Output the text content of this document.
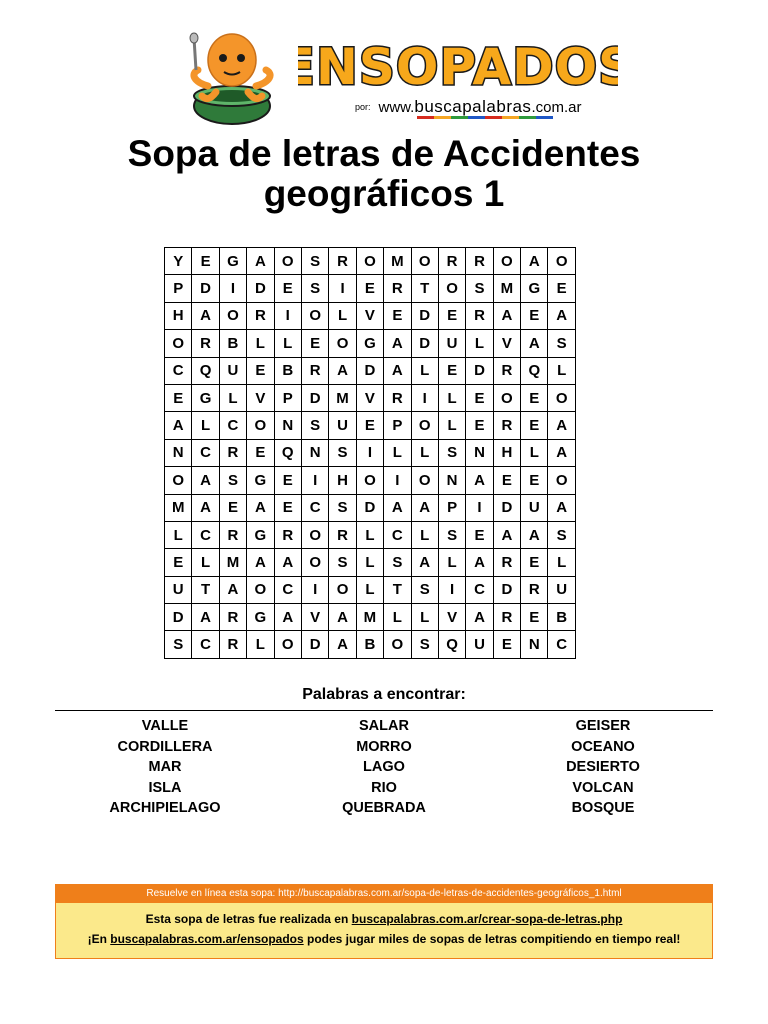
ENSOPADOS
por: www.buscapalabras.com.ar
Sopa de letras de Accidentes
geográficos 1
Y	E	G	A	O	S	R	O	M	O	R	R	O	A	O
P	D	I	D	E	S	I	E	R	T	O	S	M	G	E
H	A	O	R	I	O	L	V	E	D	E	R	A	E	A
O	R	B	L	L	E	O	G	A	D	U	L	V	A	S
C	Q	U	E	B	R	A	D	A	L	E	D	R	Q	L
E	G	L	V	P	D	M	V	R	I	L	E	O	E	O
A	L	C	O	N	S	U	E	P	O	L	E	R	E	A
N	C	R	E	Q	N	S	I	L	L	S	N	H	L	A
O	A	S	G	E	I	H	O	I	O	N	A	E	E	O
M	A	E	A	E	C	S	D	A	A	P	I	D	U	A
L	C	R	G	R	O	R	L	C	L	S	E	A	A	S
E	L	M	A	A	O	S	L	S	A	L	A	R	E	L
U	T	A	O	C	I	O	L	T	S	I	C	D	R	U
D	A	R	G	A	V	A	M	L	L	V	A	R	E	B
S	C	R	L	O	D	A	B	O	S	Q	U	E	N	C
Palabras a encontrar:
VALLE
CORDILLERA
MAR
ISLA
ARCHIPIELAGO
SALAR
MORRO
LAGO
RIO
QUEBRADA
GEISER
OCEANO
DESIERTO
VOLCAN
BOSQUE
Resuelve en línea esta sopa: http://buscapalabras.com.ar/sopa-de-letras-de-accidentes-geográficos_1.html
Esta sopa de letras fue realizada en buscapalabras.com.ar/crear-sopa-de-letras.php
¡En buscapalabras.com.ar/ensopados podes jugar miles de sopas de letras compitiendo en tiempo real!
